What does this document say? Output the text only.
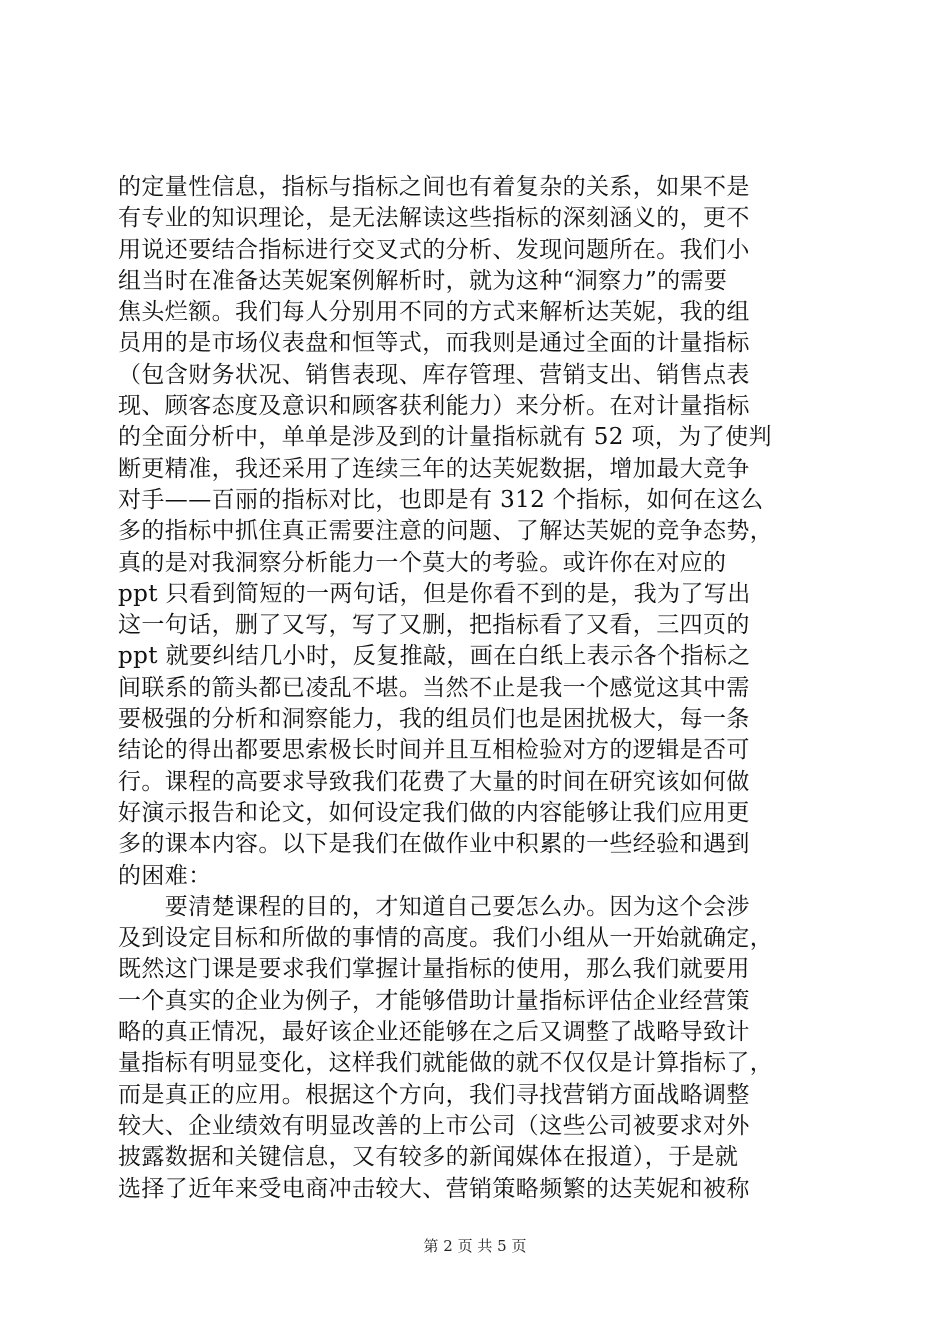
的定量性信息，指标与指标之间也有着复杂的关系，如果不是
有专业的知识理论，是无法解读这些指标的深刻涵义的，更不
用说还要结合指标进行交叉式的分析、发现问题所在。我们小
组当时在准备达芙妮案例解析时，就为这种“洞察力”的需要
焦头烂额。我们每人分别用不同的方式来解析达芙妮，我的组
员用的是市场仪表盘和恒等式，而我则是通过全面的计量指标
（包含财务状况、销售表现、库存管理、营销支出、销售点表
现、顾客态度及意识和顾客获利能力）来分析。在对计量指标
的全面分析中，单单是涉及到的计量指标就有 52 项，为了使判
断更精准，我还采用了连续三年的达芙妮数据，增加最大竞争
对手——百丽的指标对比，也即是有 312 个指标，如何在这么
多的指标中抓住真正需要注意的问题、了解达芙妮的竞争态势，
真的是对我洞察分析能力一个莫大的考验。或许你在对应的
ppt 只看到简短的一两句话，但是你看不到的是，我为了写出
这一句话，删了又写，写了又删，把指标看了又看，三四页的
ppt 就要纠结几小时，反复推敲，画在白纸上表示各个指标之
间联系的箭头都已凌乱不堪。当然不止是我一个感觉这其中需
要极强的分析和洞察能力，我的组员们也是困扰极大，每一条
结论的得出都要思索极长时间并且互相检验对方的逻辑是否可
行。课程的高要求导致我们花费了大量的时间在研究该如何做
好演示报告和论文，如何设定我们做的内容能够让我们应用更
多的课本内容。以下是我们在做作业中积累的一些经验和遇到
的困难：
　　要清楚课程的目的，才知道自己要怎么办。因为这个会涉
及到设定目标和所做的事情的高度。我们小组从一开始就确定，
既然这门课是要求我们掌握计量指标的使用，那么我们就要用
一个真实的企业为例子，才能够借助计量指标评估企业经营策
略的真正情况，最好该企业还能够在之后又调整了战略导致计
量指标有明显变化，这样我们就能做的就不仅仅是计算指标了，
而是真正的应用。根据这个方向，我们寻找营销方面战略调整
较大、企业绩效有明显改善的上市公司（这些公司被要求对外
披露数据和关键信息，又有较多的新闻媒体在报道），于是就
选择了近年来受电商冲击较大、营销策略频繁的达芙妮和被称
第 2 页 共 5 页
